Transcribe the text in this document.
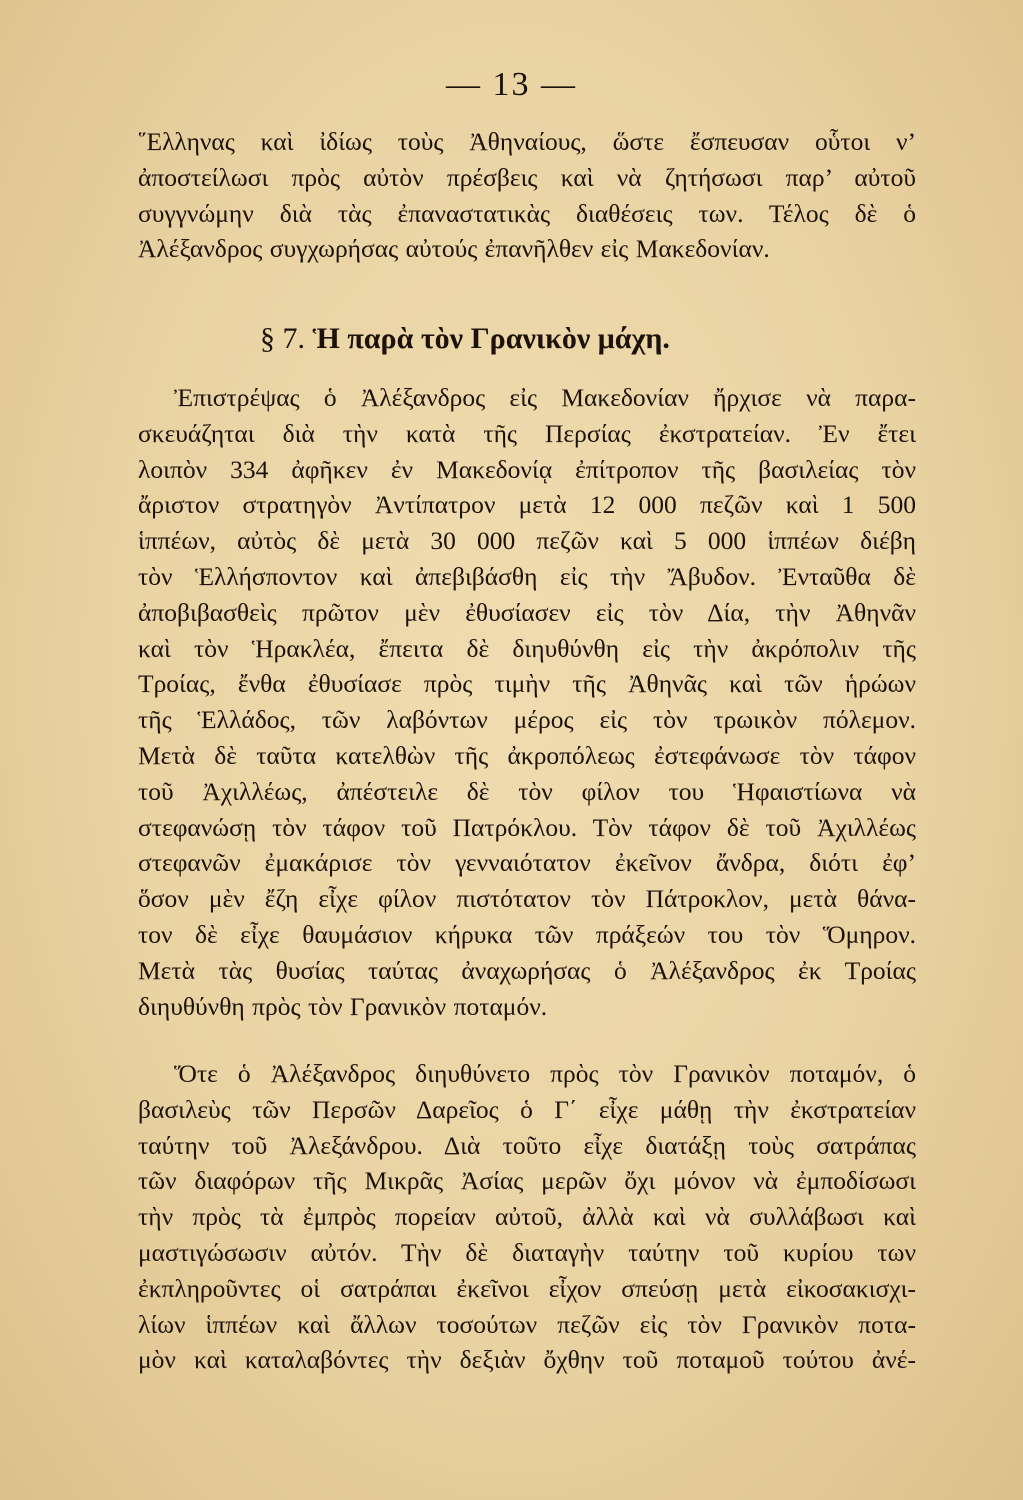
— 13 —
῞Ελληνας καὶ ἰδίως τοὺς Ἀθηναίους, ὥστε ἔσπευσαν οὗτοι ν’
ἀποστείλωσι πρὸς αὐτὸν πρέσβεις καὶ νὰ ζητήσωσι παρ’ αὐτοῦ
συγγνώμην διὰ τὰς ἐπαναστατικὰς διαθέσεις των. Τέλος δὲ ὁ
Ἀλέξανδρος συγχωρήσας αὐτούς ἐπανῆλθεν εἰς Μακεδονίαν.
§ 7. Ἡ παρὰ τὸν Γρανικὸν μάχη.
Ἐπιστρέψας ὁ Ἀλέξανδρος εἰς Μακεδονίαν ἤρχισε νὰ παρα-
σκευάζηται διὰ τὴν κατὰ τῆς Περσίας ἐκστρατείαν. Ἐν ἔτει
λοιπὸν 334 ἀφῆκεν ἐν Μακεδονίᾳ ἐπίτροπον τῆς βασιλείας τὸν
ἄριστον στρατηγὸν Ἀντίπατρον μετὰ 12 000 πεζῶν καὶ 1 500
ἱππέων, αὐτὸς δὲ μετὰ 30 000 πεζῶν καὶ 5 000 ἱππέων διέβη
τὸν Ἑλλήσποντον καὶ ἀπεβιβάσθη εἰς τὴν Ἄβυδον. Ἐνταῦθα δὲ
ἀποβιβασθεὶς πρῶτον μὲν ἐθυσίασεν εἰς τὸν Δία, τὴν Ἀθηνᾶν
καὶ τὸν Ἡρακλέα, ἔπειτα δὲ διηυθύνθη εἰς τὴν ἀκρόπολιν τῆς
Τροίας, ἔνθα ἐθυσίασε πρὸς τιμὴν τῆς Ἀθηνᾶς καὶ τῶν ἡρώων
τῆς Ἑλλάδος, τῶν λαβόντων μέρος εἰς τὸν τρωικὸν πόλεμον.
Μετὰ δὲ ταῦτα κατελθὼν τῆς ἀκροπόλεως ἐστεφάνωσε τὸν τάφον
τοῦ Ἀχιλλέως, ἀπέστειλε δὲ τὸν φίλον του Ἡφαιστίωνα νὰ
στεφανώσῃ τὸν τάφον τοῦ Πατρόκλου. Τὸν τάφον δὲ τοῦ Ἀχιλλέως
στεφανῶν ἐμακάρισε τὸν γενναιότατον ἐκεῖνον ἄνδρα, διότι ἐφ’
ὅσον μὲν ἔζη εἶχε φίλον πιστότατον τὸν Πάτροκλον, μετὰ θάνα-
τον δὲ εἶχε θαυμάσιον κήρυκα τῶν πράξεών του τὸν Ὅμηρον.
Μετὰ τὰς θυσίας ταύτας ἀναχωρήσας ὁ Ἀλέξανδρος ἐκ Τροίας
διηυθύνθη πρὸς τὸν Γρανικὸν ποταμόν.
Ὅτε ὁ Ἀλέξανδρος διηυθύνετο πρὸς τὸν Γρανικὸν ποταμόν, ὁ
βασιλεὺς τῶν Περσῶν Δαρεῖος ὁ Γ΄ εἶχε μάθῃ τὴν ἐκστρατείαν
ταύτην τοῦ Ἀλεξάνδρου. Διὰ τοῦτο εἶχε διατάξῃ τοὺς σατράπας
τῶν διαφόρων τῆς Μικρᾶς Ἀσίας μερῶν ὄχι μόνον νὰ ἐμποδίσωσι
τὴν πρὸς τὰ ἐμπρὸς πορείαν αὐτοῦ, ἀλλὰ καὶ νὰ συλλάβωσι καὶ
μαστιγώσωσιν αὐτόν. Τὴν δὲ διαταγὴν ταύτην τοῦ κυρίου των
ἐκπληροῦντες οἱ σατράπαι ἐκεῖνοι εἶχον σπεύσῃ μετὰ εἰκοσακισχι-
λίων ἱππέων καὶ ἄλλων τοσούτων πεζῶν εἰς τὸν Γρανικὸν ποτα-
μὸν καὶ καταλαβόντες τὴν δεξιὰν ὄχθην τοῦ ποταμοῦ τούτου ἀνέ-
